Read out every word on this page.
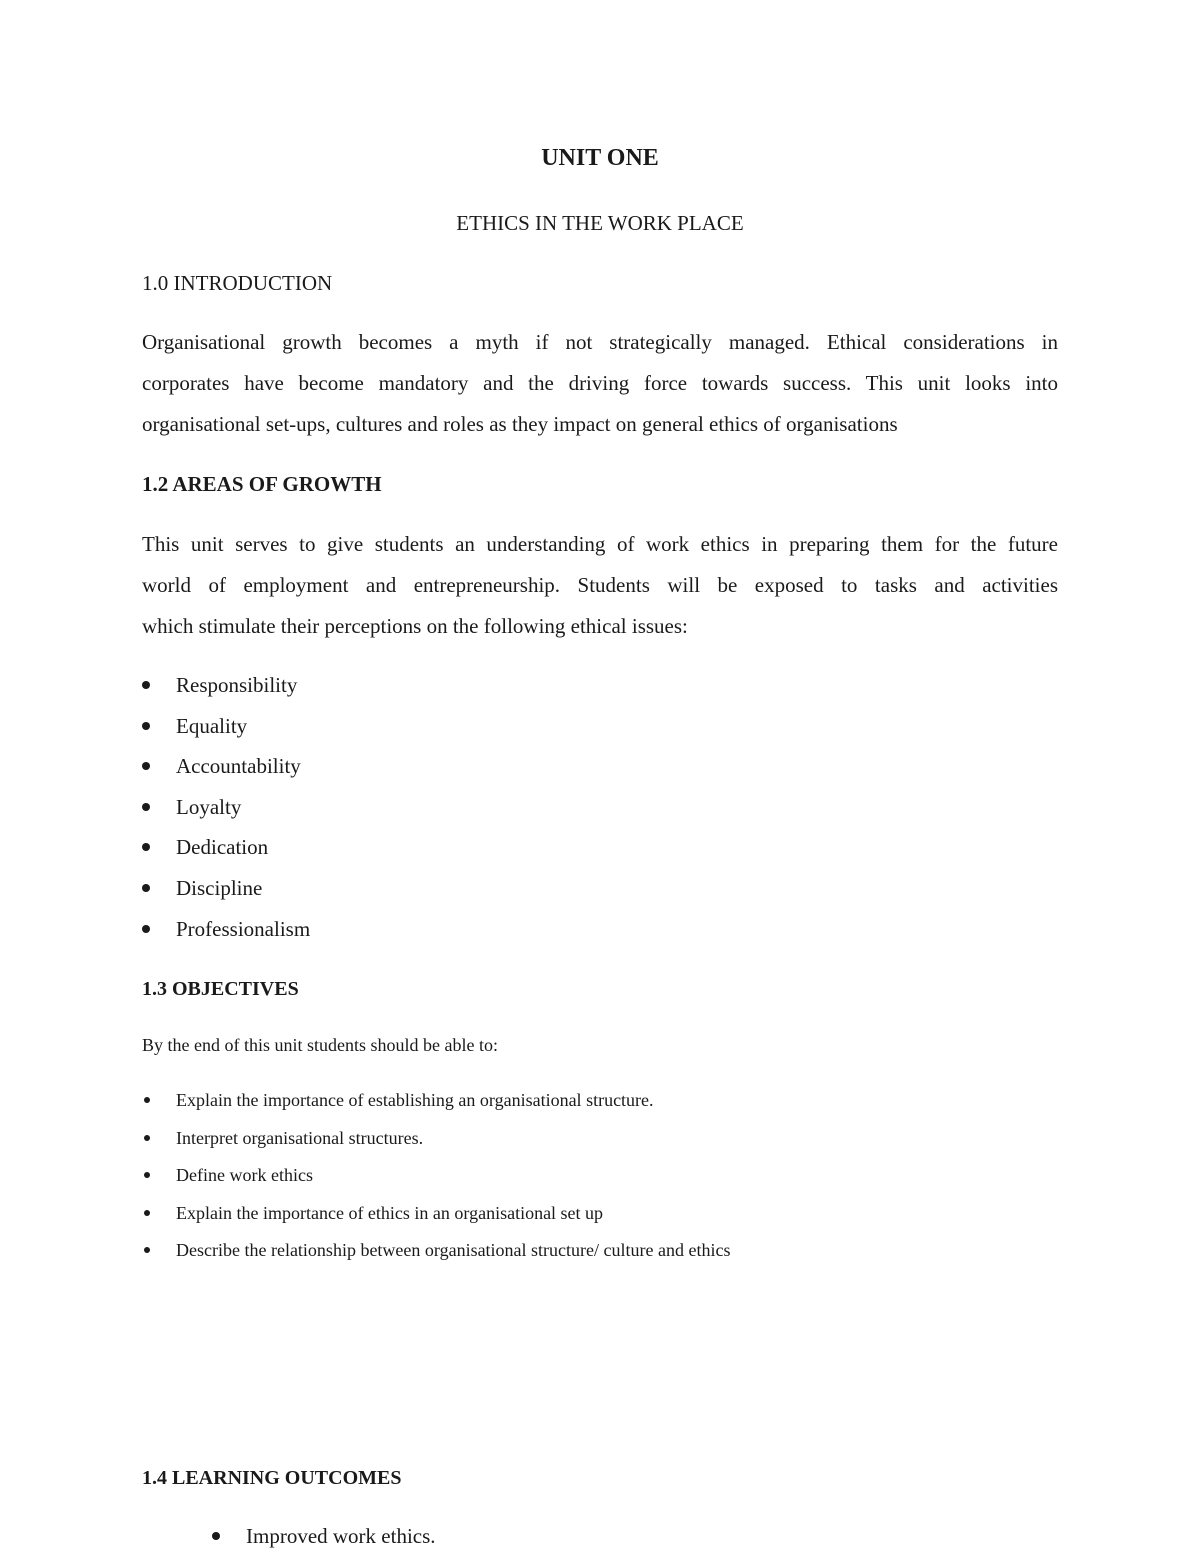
UNIT ONE
ETHICS IN THE WORK PLACE
1.0 INTRODUCTION

Organisational growth becomes a myth if not strategically managed. Ethical considerations in
corporates have become mandatory and the driving force towards success. This unit looks into
organisational set-ups, cultures and roles as they impact on general ethics of organisations

1.2 AREAS OF GROWTH

This unit serves to give students an understanding of work ethics in preparing them for the future
world of employment and entrepreneurship. Students will be exposed to tasks and activities
which stimulate their perceptions on the following ethical issues:

Responsibility
Equality
Accountability
Loyalty
Dedication
Discipline
Professionalism
1.3 OBJECTIVES

By the end of this unit students should be able to:

Explain the importance of establishing an organisational structure.
Interpret organisational structures.
Define work ethics
Explain the importance of ethics in an organisational set up
Describe the relationship between organisational structure/ culture and ethics
1.4 LEARNING OUTCOMES
Improved work ethics.
